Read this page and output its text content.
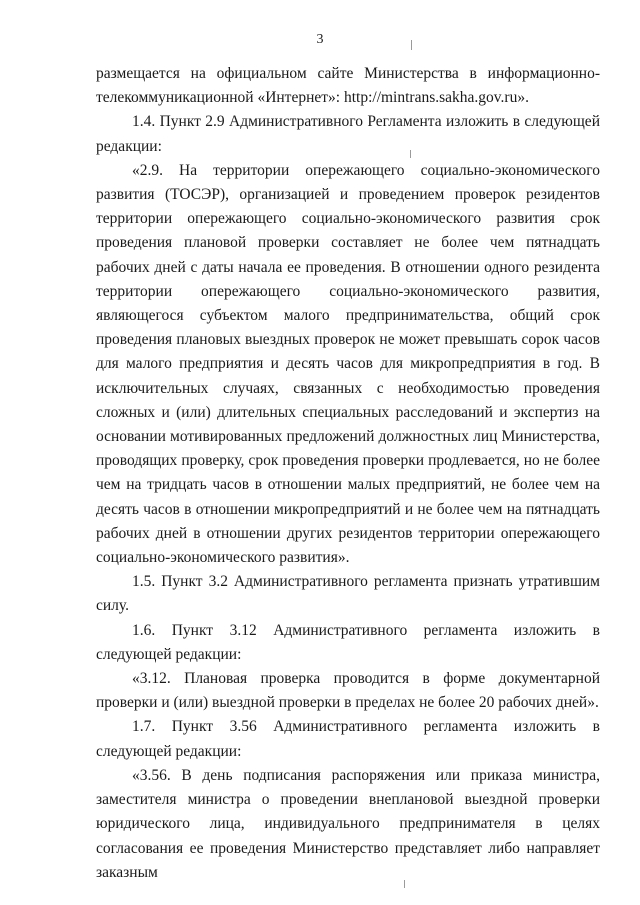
3

размещается на официальном сайте Министерства в информационно-телекоммуникационной «Интернет»: http://mintrans.sakha.gov.ru».

1.4. Пункт 2.9 Административного Регламента изложить в следующей редакции:

«2.9. На территории опережающего социально-экономического развития (ТОСЭР), организацией и проведением проверок резидентов территории опережающего социально-экономического развития срок проведения плановой проверки составляет не более чем пятнадцать рабочих дней с даты начала ее проведения. В отношении одного резидента территории опережающего социально-экономического развития, являющегося субъектом малого предпринимательства, общий срок проведения плановых выездных проверок не может превышать сорок часов для малого предприятия и десять часов для микропредприятия в год. В исключительных случаях, связанных с необходимостью проведения сложных и (или) длительных специальных расследований и экспертиз на основании мотивированных предложений должностных лиц Министерства, проводящих проверку, срок проведения проверки продлевается, но не более чем на тридцать часов в отношении малых предприятий, не более чем на десять часов в отношении микропредприятий и не более чем на пятнадцать рабочих дней в отношении других резидентов территории опережающего социально-экономического развития».

1.5. Пункт 3.2 Административного регламента признать утратившим силу.

1.6. Пункт 3.12 Административного регламента изложить в следующей редакции:

«3.12. Плановая проверка проводится в форме документарной проверки и (или) выездной проверки в пределах не более 20 рабочих дней».

1.7. Пункт 3.56 Административного регламента изложить в следующей редакции:

«3.56. В день подписания распоряжения или приказа министра, заместителя министра о проведении внеплановой выездной проверки юридического лица, индивидуального предпринимателя в целях согласования ее проведения Министерство представляет либо направляет заказным
